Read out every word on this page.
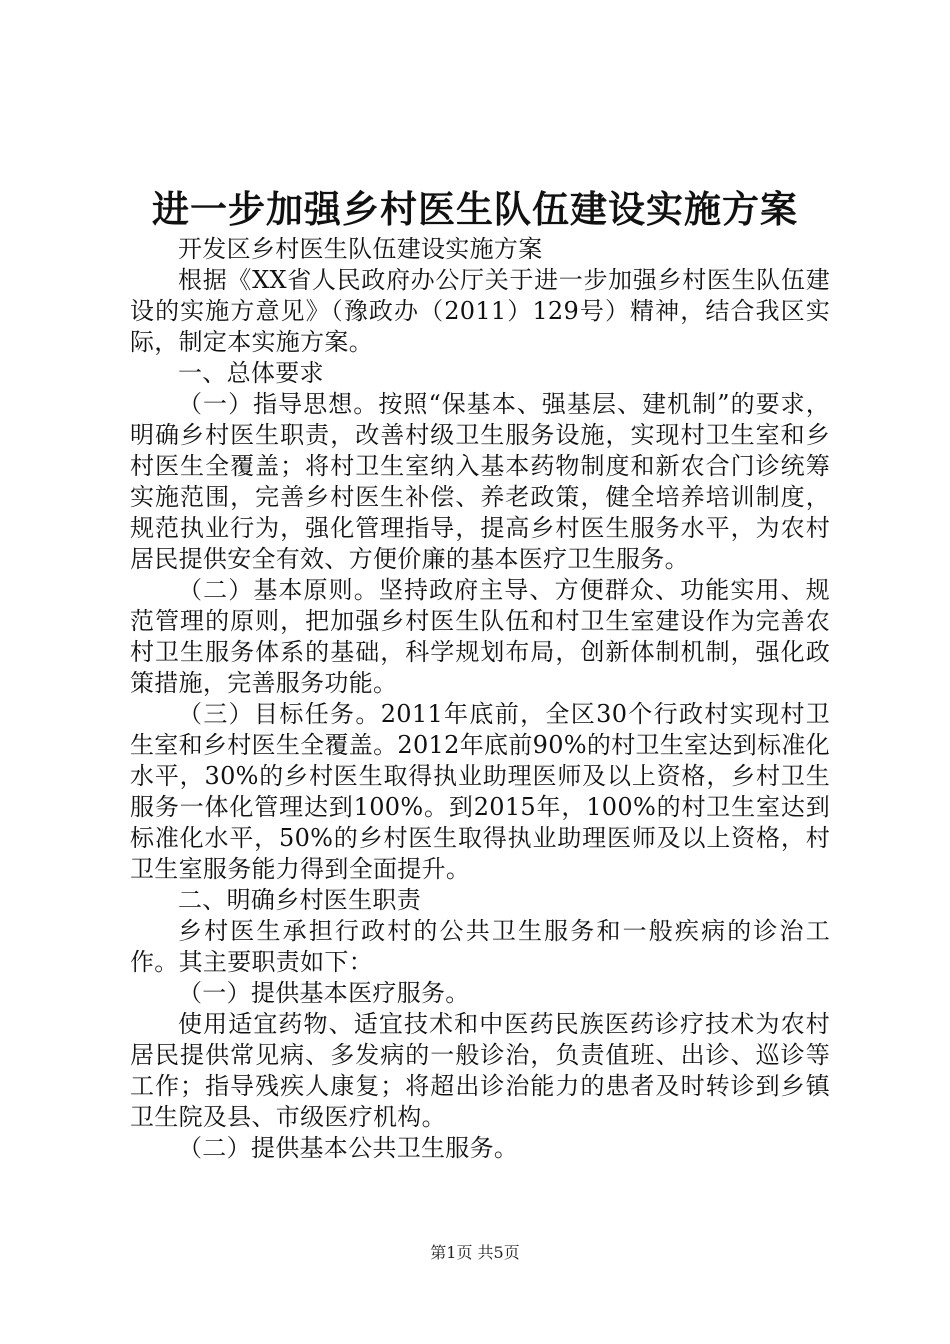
进一步加强乡村医生队伍建设实施方案

开发区乡村医生队伍建设实施方案

根据《XX省人民政府办公厅关于进一步加强乡村医生队伍建设的实施方意见》（豫政办（2011）129号）精神，结合我区实际，制定本实施方案。

一、总体要求

（一）指导思想。按照“保基本、强基层、建机制”的要求，明确乡村医生职责，改善村级卫生服务设施，实现村卫生室和乡村医生全覆盖；将村卫生室纳入基本药物制度和新农合门诊统筹实施范围，完善乡村医生补偿、养老政策，健全培养培训制度，规范执业行为，强化管理指导，提高乡村医生服务水平，为农村居民提供安全有效、方便价廉的基本医疗卫生服务。

（二）基本原则。坚持政府主导、方便群众、功能实用、规范管理的原则，把加强乡村医生队伍和村卫生室建设作为完善农村卫生服务体系的基础，科学规划布局，创新体制机制，强化政策措施，完善服务功能。

（三）目标任务。2011年底前，全区30个行政村实现村卫生室和乡村医生全覆盖。2012年底前90%的村卫生室达到标准化水平，30%的乡村医生取得执业助理医师及以上资格，乡村卫生服务一体化管理达到100%。到2015年，100%的村卫生室达到标准化水平，50%的乡村医生取得执业助理医师及以上资格，村卫生室服务能力得到全面提升。

二、明确乡村医生职责

乡村医生承担行政村的公共卫生服务和一般疾病的诊治工作。其主要职责如下：

（一）提供基本医疗服务。

使用适宜药物、适宜技术和中医药民族医药诊疗技术为农村居民提供常见病、多发病的一般诊治，负责值班、出诊、巡诊等工作；指导残疾人康复；将超出诊治能力的患者及时转诊到乡镇卫生院及县、市级医疗机构。

（二）提供基本公共卫生服务。

第1页 共5页
